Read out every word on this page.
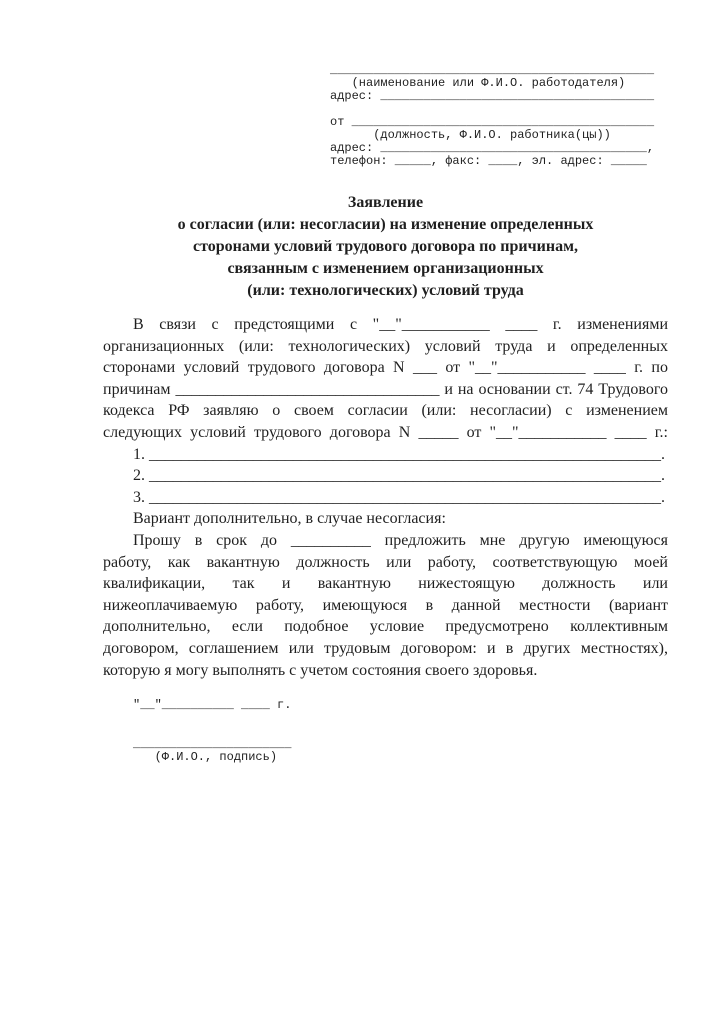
_____________________________________________
(наименование или Ф.И.О. работодателя)
адрес: ______________________________________
от __________________________________________
(должность, Ф.И.О. работника(цы))
адрес: _____________________________________,
телефон: _____, факс: ____, эл. адрес: _____
Заявление
о согласии (или: несогласии) на изменение определенных
сторонами условий трудового договора по причинам,
связанным с изменением организационных
(или: технологических) условий труда
В связи с предстоящими с "__"___________ ____ г. изменениями
организационных (или: технологических) условий труда и определенных
сторонами условий трудового договора N ___ от "__"___________ ____ г. по
причинам _________________________________ и на основании ст. 74 Трудового
кодекса РФ заявляю о своем согласии (или: несогласии) с изменением
следующих условий трудового договора N _____ от "__"___________ ____ г.:
1. ________________________________________________________________.
2. ________________________________________________________________.
3. ________________________________________________________________.
Вариант дополнительно, в случае несогласия:
Прошу в срок до __________ предложить мне другую имеющуюся
работу, как вакантную должность или работу, соответствующую моей
квалификации, так и вакантную нижестоящую должность или
нижеоплачиваемую работу, имеющуюся в данной местности (вариант
дополнительно, если подобное условие предусмотрено коллективным
договором, соглашением или трудовым договором: и в других местностях),
которую я могу выполнять с учетом состояния своего здоровья.
"__"__________ ____ г.
______________________
(Ф.И.О., подпись)
